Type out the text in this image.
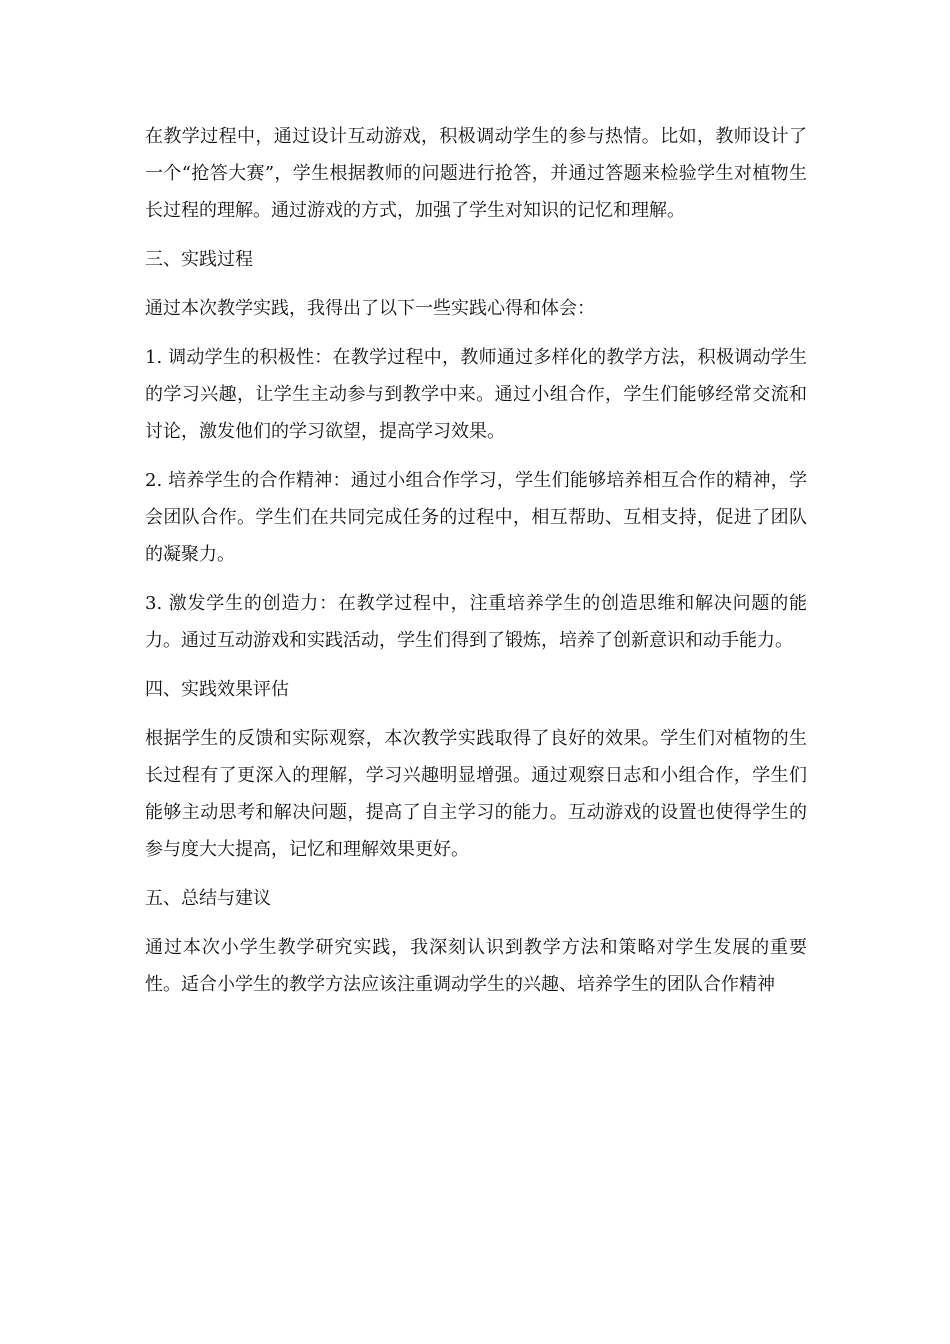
在教学过程中，通过设计互动游戏，积极调动学生的参与热情。比如，教师设计了一个“抢答大赛”，学生根据教师的问题进行抢答，并通过答题来检验学生对植物生长过程的理解。通过游戏的方式，加强了学生对知识的记忆和理解。

三、实践过程

通过本次教学实践，我得出了以下一些实践心得和体会：

1. 调动学生的积极性：在教学过程中，教师通过多样化的教学方法，积极调动学生的学习兴趣，让学生主动参与到教学中来。通过小组合作，学生们能够经常交流和讨论，激发他们的学习欲望，提高学习效果。

2. 培养学生的合作精神：通过小组合作学习，学生们能够培养相互合作的精神，学会团队合作。学生们在共同完成任务的过程中，相互帮助、互相支持，促进了团队的凝聚力。

3. 激发学生的创造力：在教学过程中，注重培养学生的创造思维和解决问题的能力。通过互动游戏和实践活动，学生们得到了锻炼，培养了创新意识和动手能力。

四、实践效果评估

根据学生的反馈和实际观察，本次教学实践取得了良好的效果。学生们对植物的生长过程有了更深入的理解，学习兴趣明显增强。通过观察日志和小组合作，学生们能够主动思考和解决问题，提高了自主学习的能力。互动游戏的设置也使得学生的参与度大大提高，记忆和理解效果更好。

五、总结与建议

通过本次小学生教学研究实践，我深刻认识到教学方法和策略对学生发展的重要性。适合小学生的教学方法应该注重调动学生的兴趣、培养学生的团队合作精神
